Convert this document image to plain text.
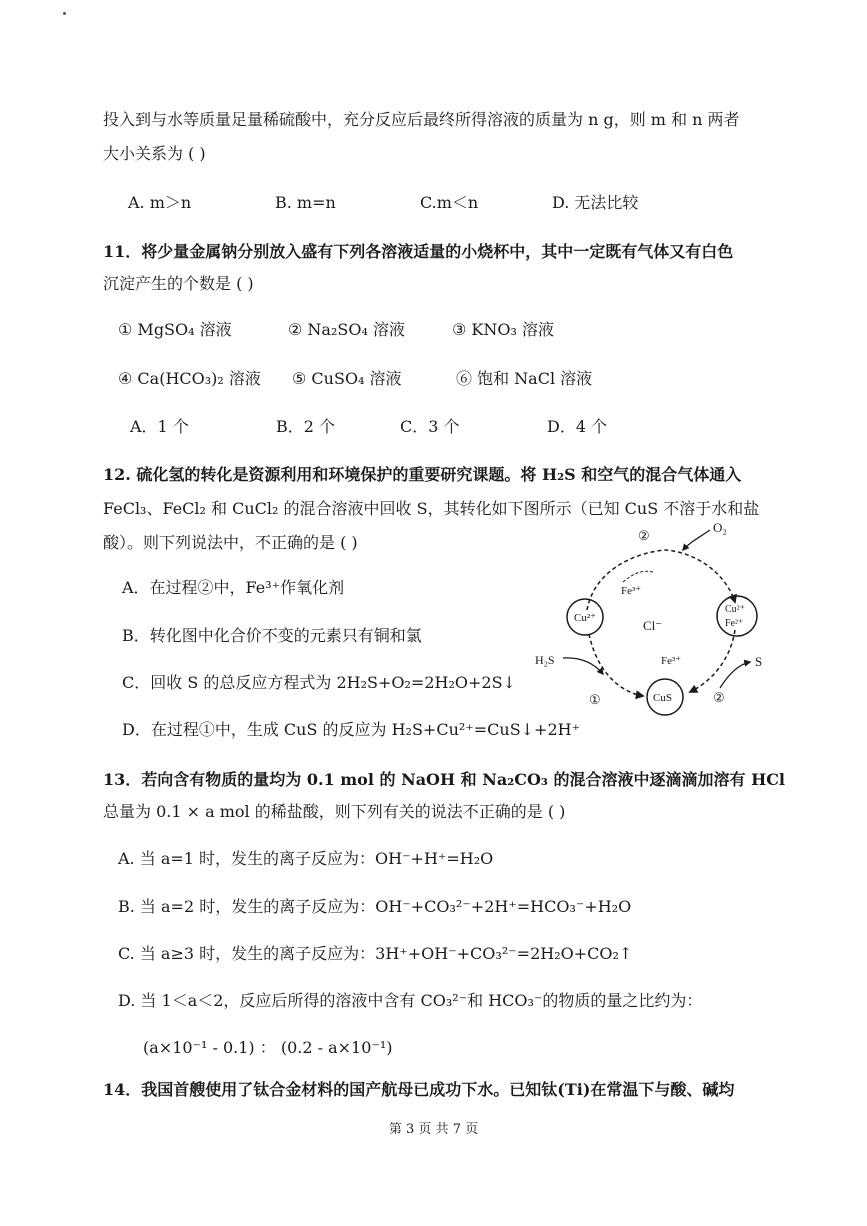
投入到与水等质量足量稀硫酸中，充分反应后最终所得溶液的质量为 n g，则 m 和 n 两者
大小关系为 ( )
A. m＞n	B. m=n	C.m＜n	D. 无法比较
11．将少量金属钠分别放入盛有下列各溶液适量的小烧杯中，其中一定既有气体又有白色
沉淀产生的个数是 ( )
① MgSO₄ 溶液	② Na₂SO₄ 溶液	③ KNO₃ 溶液
④ Ca(HCO₃)₂ 溶液 ⑤ CuSO₄ 溶液	⑥ 饱和 NaCl 溶液
A．1 个	B．2 个	C．3 个	D．4 个
12. 硫化氢的转化是资源利用和环境保护的重要研究课题。将 H₂S 和空气的混合气体通入
FeCl₃、FeCl₂ 和 CuCl₂ 的混合溶液中回收 S，其转化如下图所示（已知 CuS 不溶于水和盐
酸）。则下列说法中，不正确的是 ( )
A．在过程②中，Fe³⁺作氧化剂
B．转化图中化合价不变的元素只有铜和氯
C．回收 S 的总反应方程式为 2H₂S+O₂=2H₂O+2S↓
D．在过程①中，生成 CuS 的反应为 H₂S+Cu²⁺=CuS↓+2H⁺
O₂
②
Fe³⁺
Cu²⁺	Cl⁻
Cu²⁺
Fe²⁺
H₂S	Fe³⁺	S
①	CuS	②
13．若向含有物质的量均为 0.1 mol 的 NaOH 和 Na₂CO₃ 的混合溶液中逐滴滴加溶有 HCl
总量为 0.1 × a mol 的稀盐酸，则下列有关的说法不正确的是 ( )
A. 当 a=1 时，发生的离子反应为：OH⁻+H⁺=H₂O
B. 当 a=2 时，发生的离子反应为：OH⁻+CO₃²⁻+2H⁺=HCO₃⁻+H₂O
C. 当 a≥3 时，发生的离子反应为：3H⁺+OH⁻+CO₃²⁻=2H₂O+CO₂↑
D. 当 1＜a＜2，反应后所得的溶液中含有 CO₃²⁻和 HCO₃⁻的物质的量之比约为：
(a×10⁻¹ - 0.1) ： (0.2 - a×10⁻¹)
14．我国首艘使用了钛合金材料的国产航母已成功下水。已知钛(Ti)在常温下与酸、碱均
第 3 页 共 7 页
